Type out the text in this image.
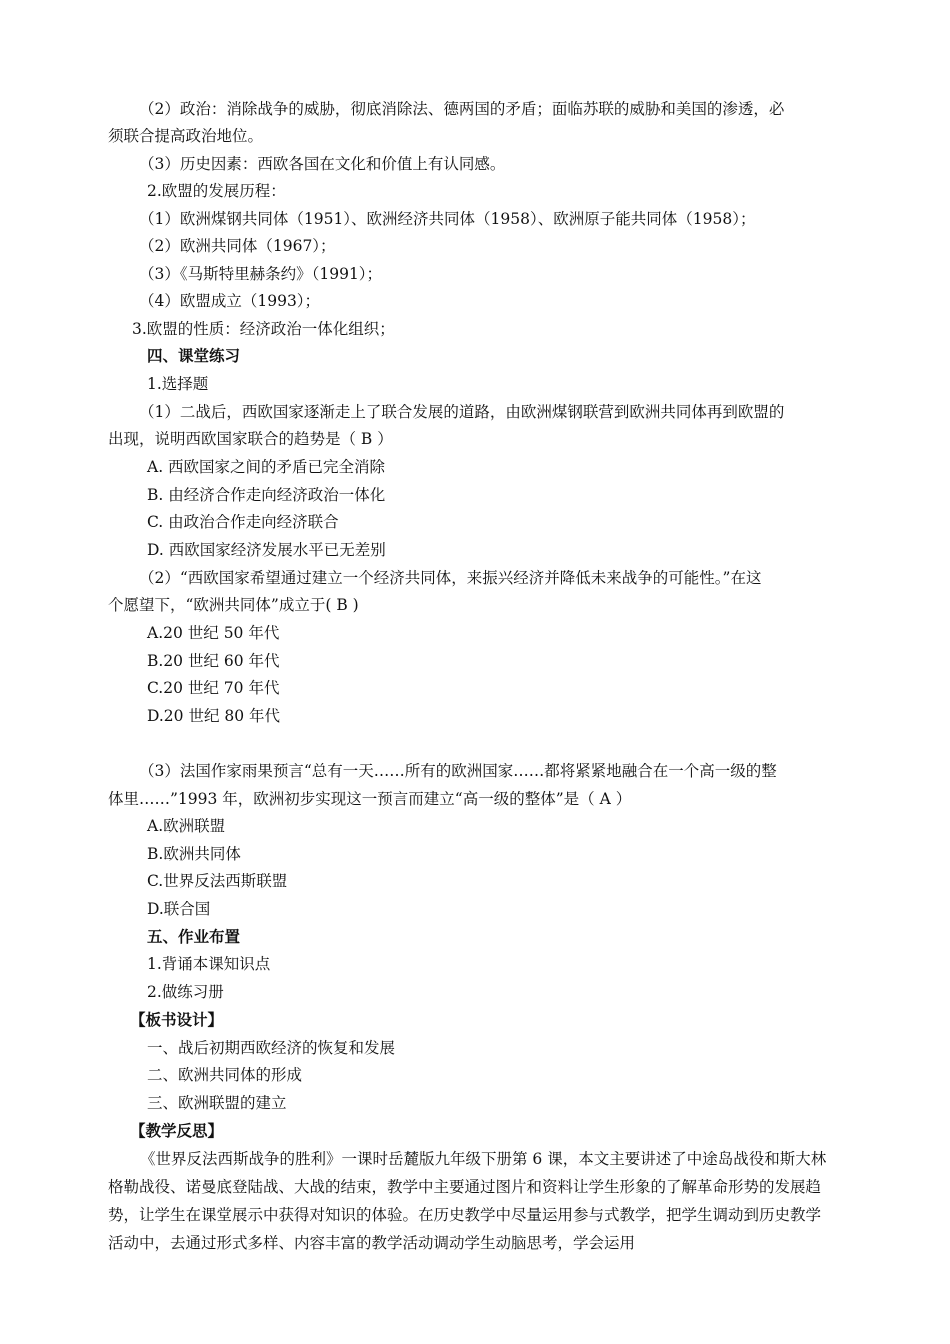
（2）政治：消除战争的威胁，彻底消除法、德两国的矛盾；面临苏联的威胁和美国的渗透，必
须联合提高政治地位。
（3）历史因素：西欧各国在文化和价值上有认同感。
2.欧盟的发展历程：
（1）欧洲煤钢共同体（1951）、欧洲经济共同体（1958）、欧洲原子能共同体（1958）；
（2）欧洲共同体（1967）；
（3）《马斯特里赫条约》（1991）；
（4）欧盟成立（1993）；
3.欧盟的性质：经济政治一体化组织；
四、课堂练习
1.选择题
（1）二战后，西欧国家逐渐走上了联合发展的道路，由欧洲煤钢联营到欧洲共同体再到欧盟的
出现，说明西欧国家联合的趋势是（ B ）
A. 西欧国家之间的矛盾已完全消除
B. 由经济合作走向经济政治一体化
C. 由政治合作走向经济联合
D. 西欧国家经济发展水平已无差别
（2）“西欧国家希望通过建立一个经济共同体，来振兴经济并降低未来战争的可能性。”在这
个愿望下，“欧洲共同体”成立于( B )
A.20 世纪 50 年代
B.20 世纪 60 年代
C.20 世纪 70 年代
D.20 世纪 80 年代
（3）法国作家雨果预言“总有一天……所有的欧洲国家……都将紧紧地融合在一个高一级的整
体里……”1993 年，欧洲初步实现这一预言而建立“高一级的整体”是（ A ）
A.欧洲联盟
B.欧洲共同体
C.世界反法西斯联盟
D.联合国
五、作业布置
1.背诵本课知识点
2.做练习册
【板书设计】
一、战后初期西欧经济的恢复和发展
二、欧洲共同体的形成
三、欧洲联盟的建立
【教学反思】
《世界反法西斯战争的胜利》一课时岳麓版九年级下册第 6 课，本文主要讲述了中途岛战役和斯大林格勒战役、诺曼底登陆战、大战的结束，教学中主要通过图片和资料让学生形象的了解革命形势的发展趋势，让学生在课堂展示中获得对知识的体验。在历史教学中尽量运用参与式教学，把学生调动到历史教学活动中，去通过形式多样、内容丰富的教学活动调动学生动脑思考，学会运用
